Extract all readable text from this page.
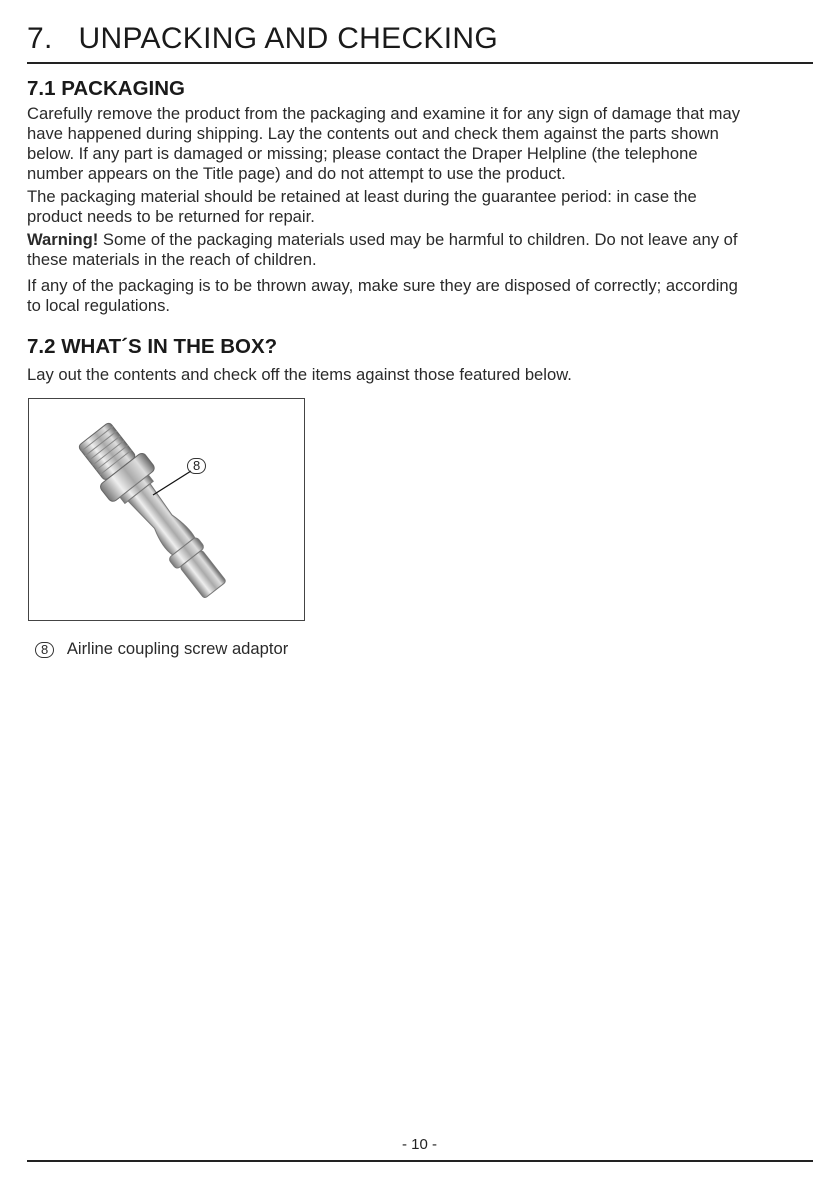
7.   UNPACKING AND CHECKING
7.1 PACKAGING
Carefully remove the product from the packaging and examine it for any sign of damage that may
have happened during shipping. Lay the contents out and check them against the parts shown
below. If any part is damaged or missing; please contact the Draper Helpline (the telephone
number appears on the Title page) and do not attempt to use the product.
The packaging material should be retained at least during the guarantee period: in case the
product needs to be returned for repair.
Warning! Some of the packaging materials used may be harmful to children. Do not leave any of
these materials in the reach of children.
If any of the packaging is to be thrown away, make sure they are disposed of correctly; according
to local regulations.
7.2 WHAT´S IN THE BOX?
Lay out the contents and check off the items against those featured below.
8
8 Airline coupling screw adaptor
- 10 -
